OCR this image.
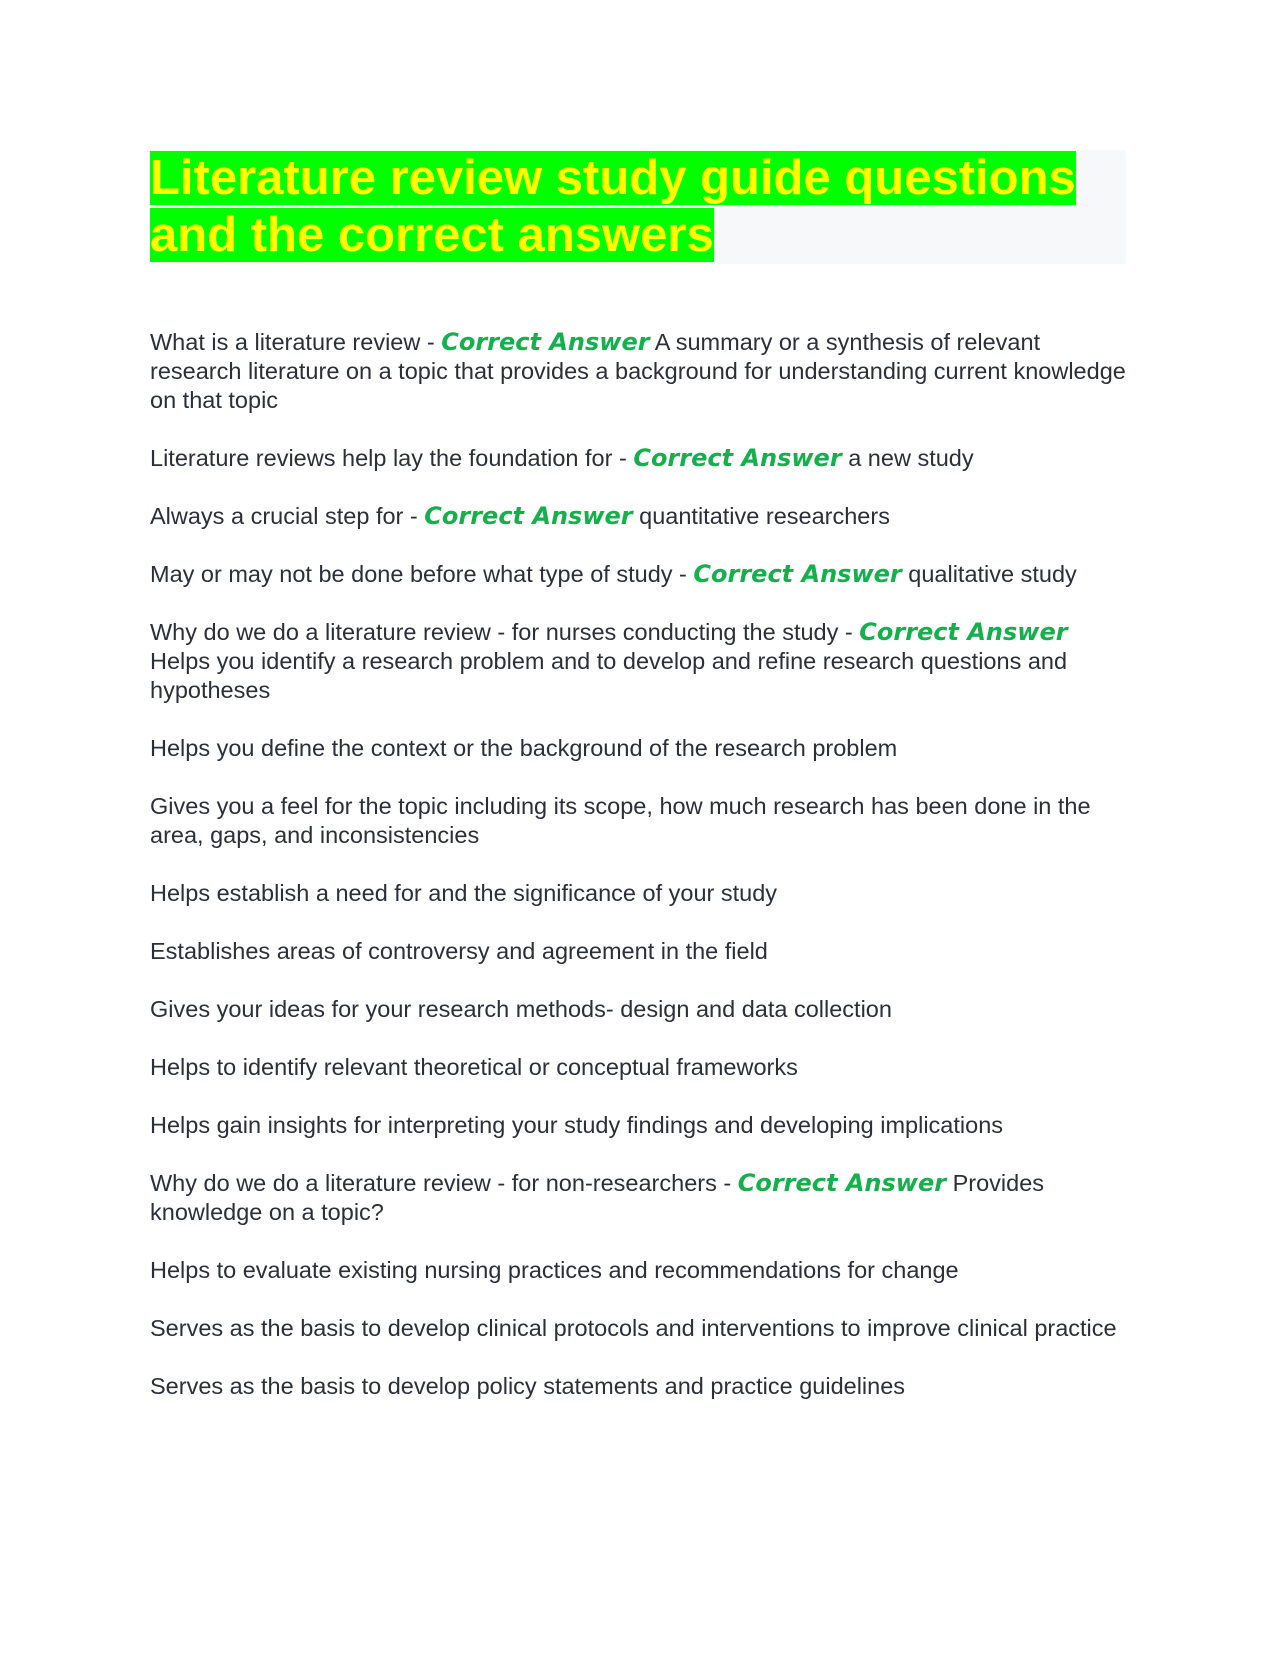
Literature review study guide questions and the correct answers

What is a literature review - Correct Answer A summary or a synthesis of relevant research literature on a topic that provides a background for understanding current knowledge on that topic

Literature reviews help lay the foundation for - Correct Answer a new study

Always a crucial step for - Correct Answer quantitative researchers

May or may not be done before what type of study - Correct Answer qualitative study

Why do we do a literature review - for nurses conducting the study - Correct Answer Helps you identify a research problem and to develop and refine research questions and hypotheses

Helps you define the context or the background of the research problem

Gives you a feel for the topic including its scope, how much research has been done in the area, gaps, and inconsistencies

Helps establish a need for and the significance of your study

Establishes areas of controversy and agreement in the field

Gives your ideas for your research methods- design and data collection

Helps to identify relevant theoretical or conceptual frameworks

Helps gain insights for interpreting your study findings and developing implications

Why do we do a literature review - for non-researchers - Correct Answer Provides knowledge on a topic?

Helps to evaluate existing nursing practices and recommendations for change

Serves as the basis to develop clinical protocols and interventions to improve clinical practice

Serves as the basis to develop policy statements and practice guidelines
